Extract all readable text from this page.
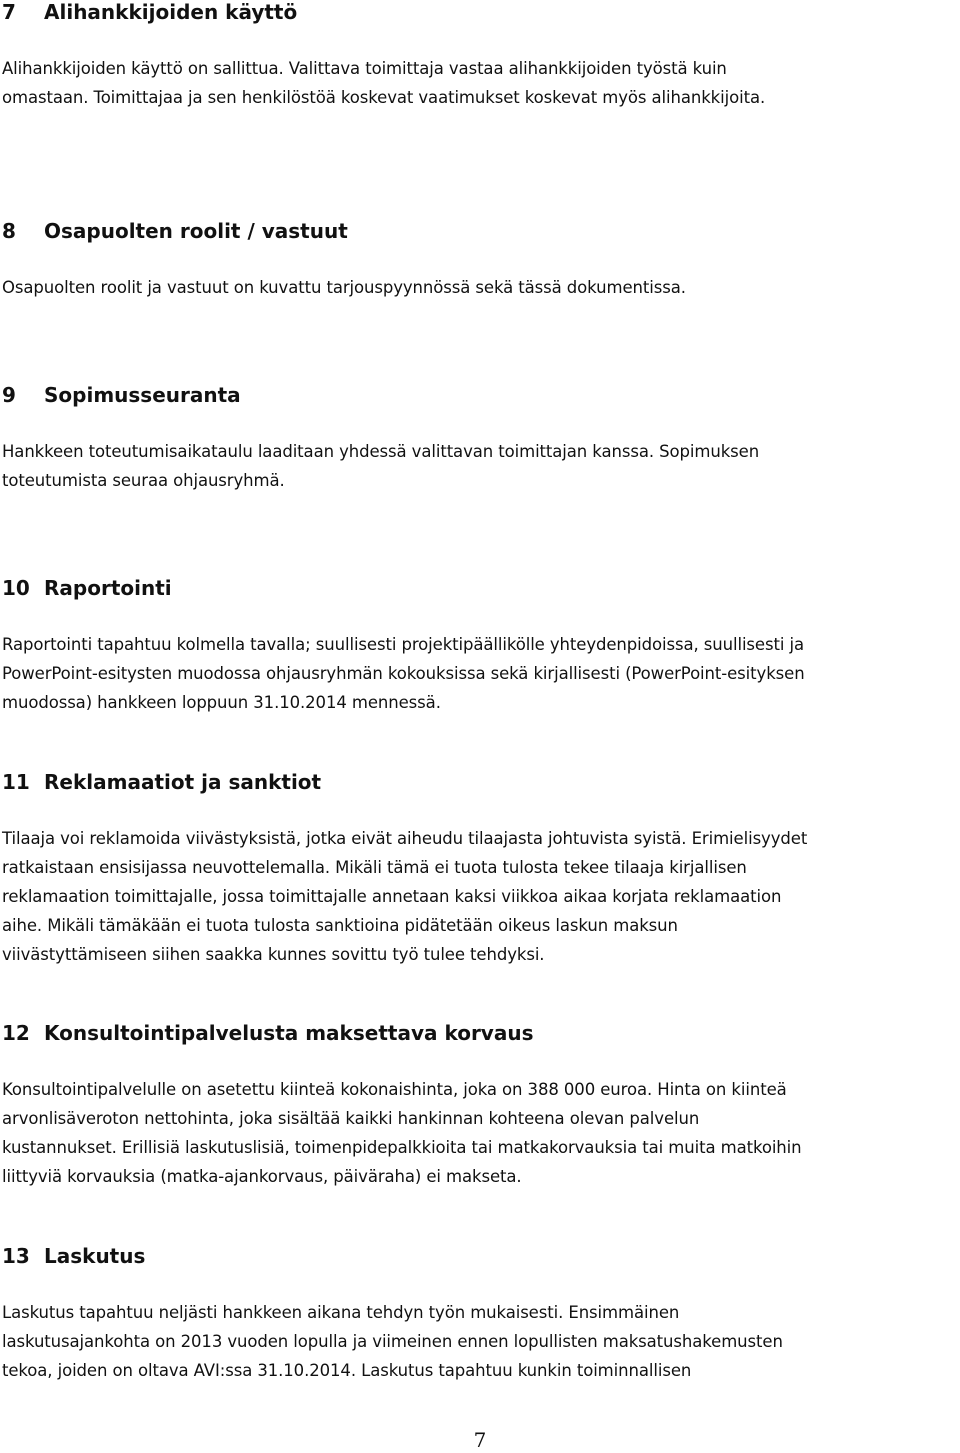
7 Alihankkijoiden käyttö

Alihankkijoiden käyttö on sallittua. Valittava toimittaja vastaa alihankkijoiden työstä kuin
omastaan. Toimittajaa ja sen henkilöstöä koskevat vaatimukset koskevat myös alihankkijoita.

8 Osapuolten roolit / vastuut

Osapuolten roolit ja vastuut on kuvattu tarjouspyynnössä sekä tässä dokumentissa.

9 Sopimusseuranta

Hankkeen toteutumisaikataulu laaditaan yhdessä valittavan toimittajan kanssa. Sopimuksen
toteutumista seuraa ohjausryhmä.

10 Raportointi

Raportointi tapahtuu kolmella tavalla; suullisesti projektipäällikölle yhteydenpidoissa, suullisesti ja
PowerPoint-esitysten muodossa ohjausryhmän kokouksissa sekä kirjallisesti (PowerPoint-esityksen
muodossa) hankkeen loppuun 31.10.2014 mennessä.

11 Reklamaatiot ja sanktiot

Tilaaja voi reklamoida viivästyksistä, jotka eivät aiheudu tilaajasta johtuvista syistä. Erimielisyydet
ratkaistaan ensisijassa neuvottelemalla. Mikäli tämä ei tuota tulosta tekee tilaaja kirjallisen
reklamaation toimittajalle, jossa toimittajalle annetaan kaksi viikkoa aikaa korjata reklamaation
aihe. Mikäli tämäkään ei tuota tulosta sanktioina pidätetään oikeus laskun maksun
viivästyttämiseen siihen saakka kunnes sovittu työ tulee tehdyksi.

12 Konsultointipalvelusta maksettava korvaus

Konsultointipalvelulle on asetettu kiinteä kokonaishinta, joka on 388 000 euroa. Hinta on kiinteä
arvonlisäveroton nettohinta, joka sisältää kaikki hankinnan kohteena olevan palvelun
kustannukset. Erillisiä laskutuslisiä, toimenpidepalkkioita tai matkakorvauksia tai muita matkoihin
liittyviä korvauksia (matka-ajankorvaus, päiväraha) ei makseta.

13 Laskutus

Laskutus tapahtuu neljästi hankkeen aikana tehdyn työn mukaisesti. Ensimmäinen
laskutusajankohta on 2013 vuoden lopulla ja viimeinen ennen lopullisten maksatushakemusten
tekoa, joiden on oltava AVI:ssa 31.10.2014. Laskutus tapahtuu kunkin toiminnallisen

7
